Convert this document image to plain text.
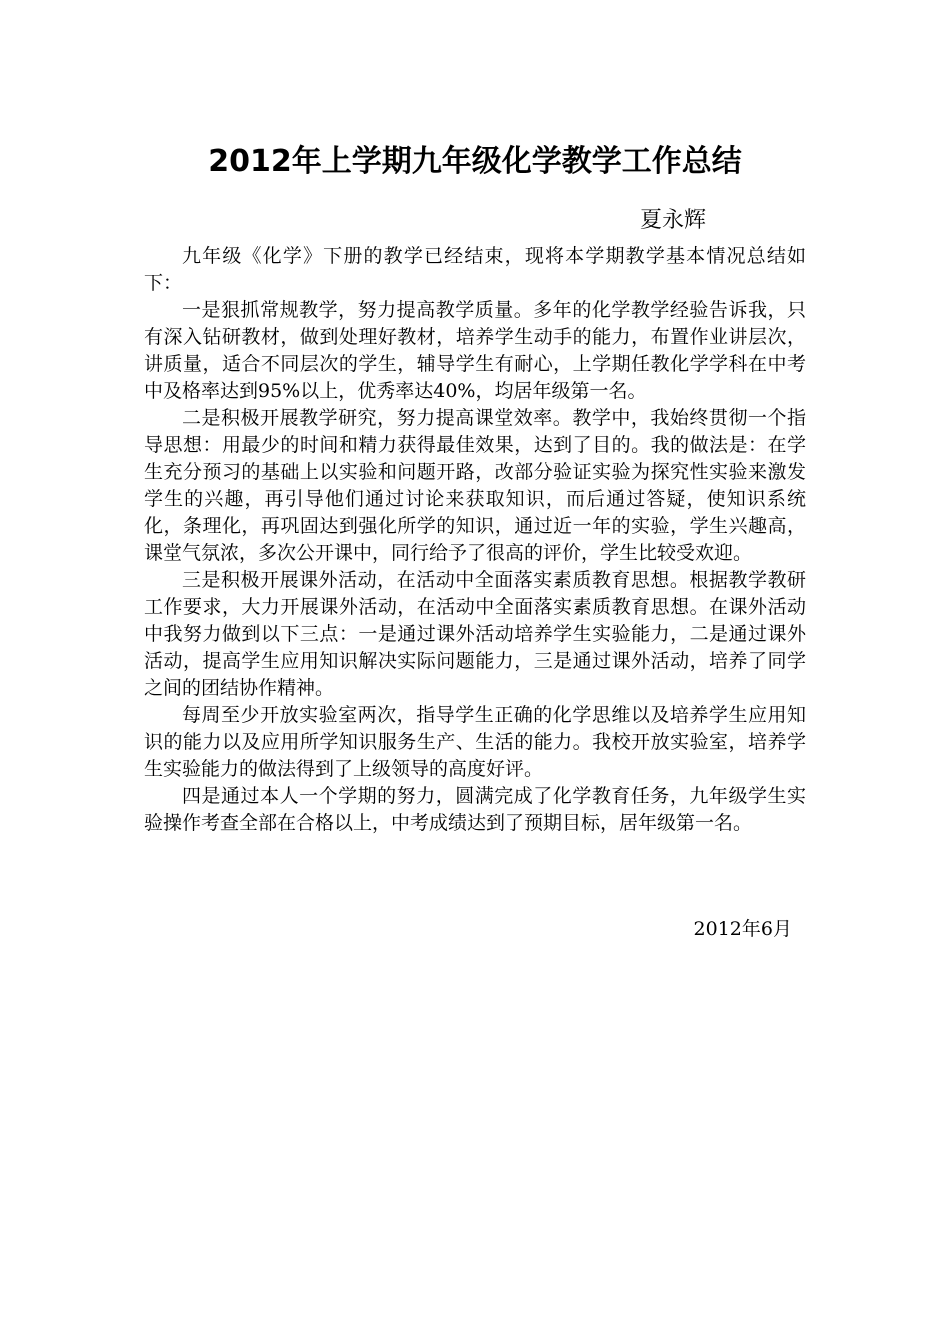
2012年上学期九年级化学教学工作总结
夏永辉

九年级《化学》下册的教学已经结束，现将本学期教学基本情况总结如下：

一是狠抓常规教学，努力提高教学质量。多年的化学教学经验告诉我，只有深入钻研教材，做到处理好教材，培养学生动手的能力，布置作业讲层次，讲质量，适合不同层次的学生，辅导学生有耐心，上学期任教化学学科在中考中及格率达到95%以上，优秀率达40%，均居年级第一名。

二是积极开展教学研究，努力提高课堂效率。教学中，我始终贯彻一个指导思想：用最少的时间和精力获得最佳效果，达到了目的。我的做法是：在学生充分预习的基础上以实验和问题开路，改部分验证实验为探究性实验来激发学生的兴趣，再引导他们通过讨论来获取知识，而后通过答疑，使知识系统化，条理化，再巩固达到强化所学的知识，通过近一年的实验，学生兴趣高，课堂气氛浓，多次公开课中，同行给予了很高的评价，学生比较受欢迎。

三是积极开展课外活动，在活动中全面落实素质教育思想。根据教学教研工作要求，大力开展课外活动，在活动中全面落实素质教育思想。在课外活动中我努力做到以下三点：一是通过课外活动培养学生实验能力，二是通过课外活动，提高学生应用知识解决实际问题能力，三是通过课外活动，培养了同学之间的团结协作精神。

每周至少开放实验室两次，指导学生正确的化学思维以及培养学生应用知识的能力以及应用所学知识服务生产、生活的能力。我校开放实验室，培养学生实验能力的做法得到了上级领导的高度好评。

四是通过本人一个学期的努力，圆满完成了化学教育任务，九年级学生实验操作考查全部在合格以上，中考成绩达到了预期目标，居年级第一名。

2012年6月
